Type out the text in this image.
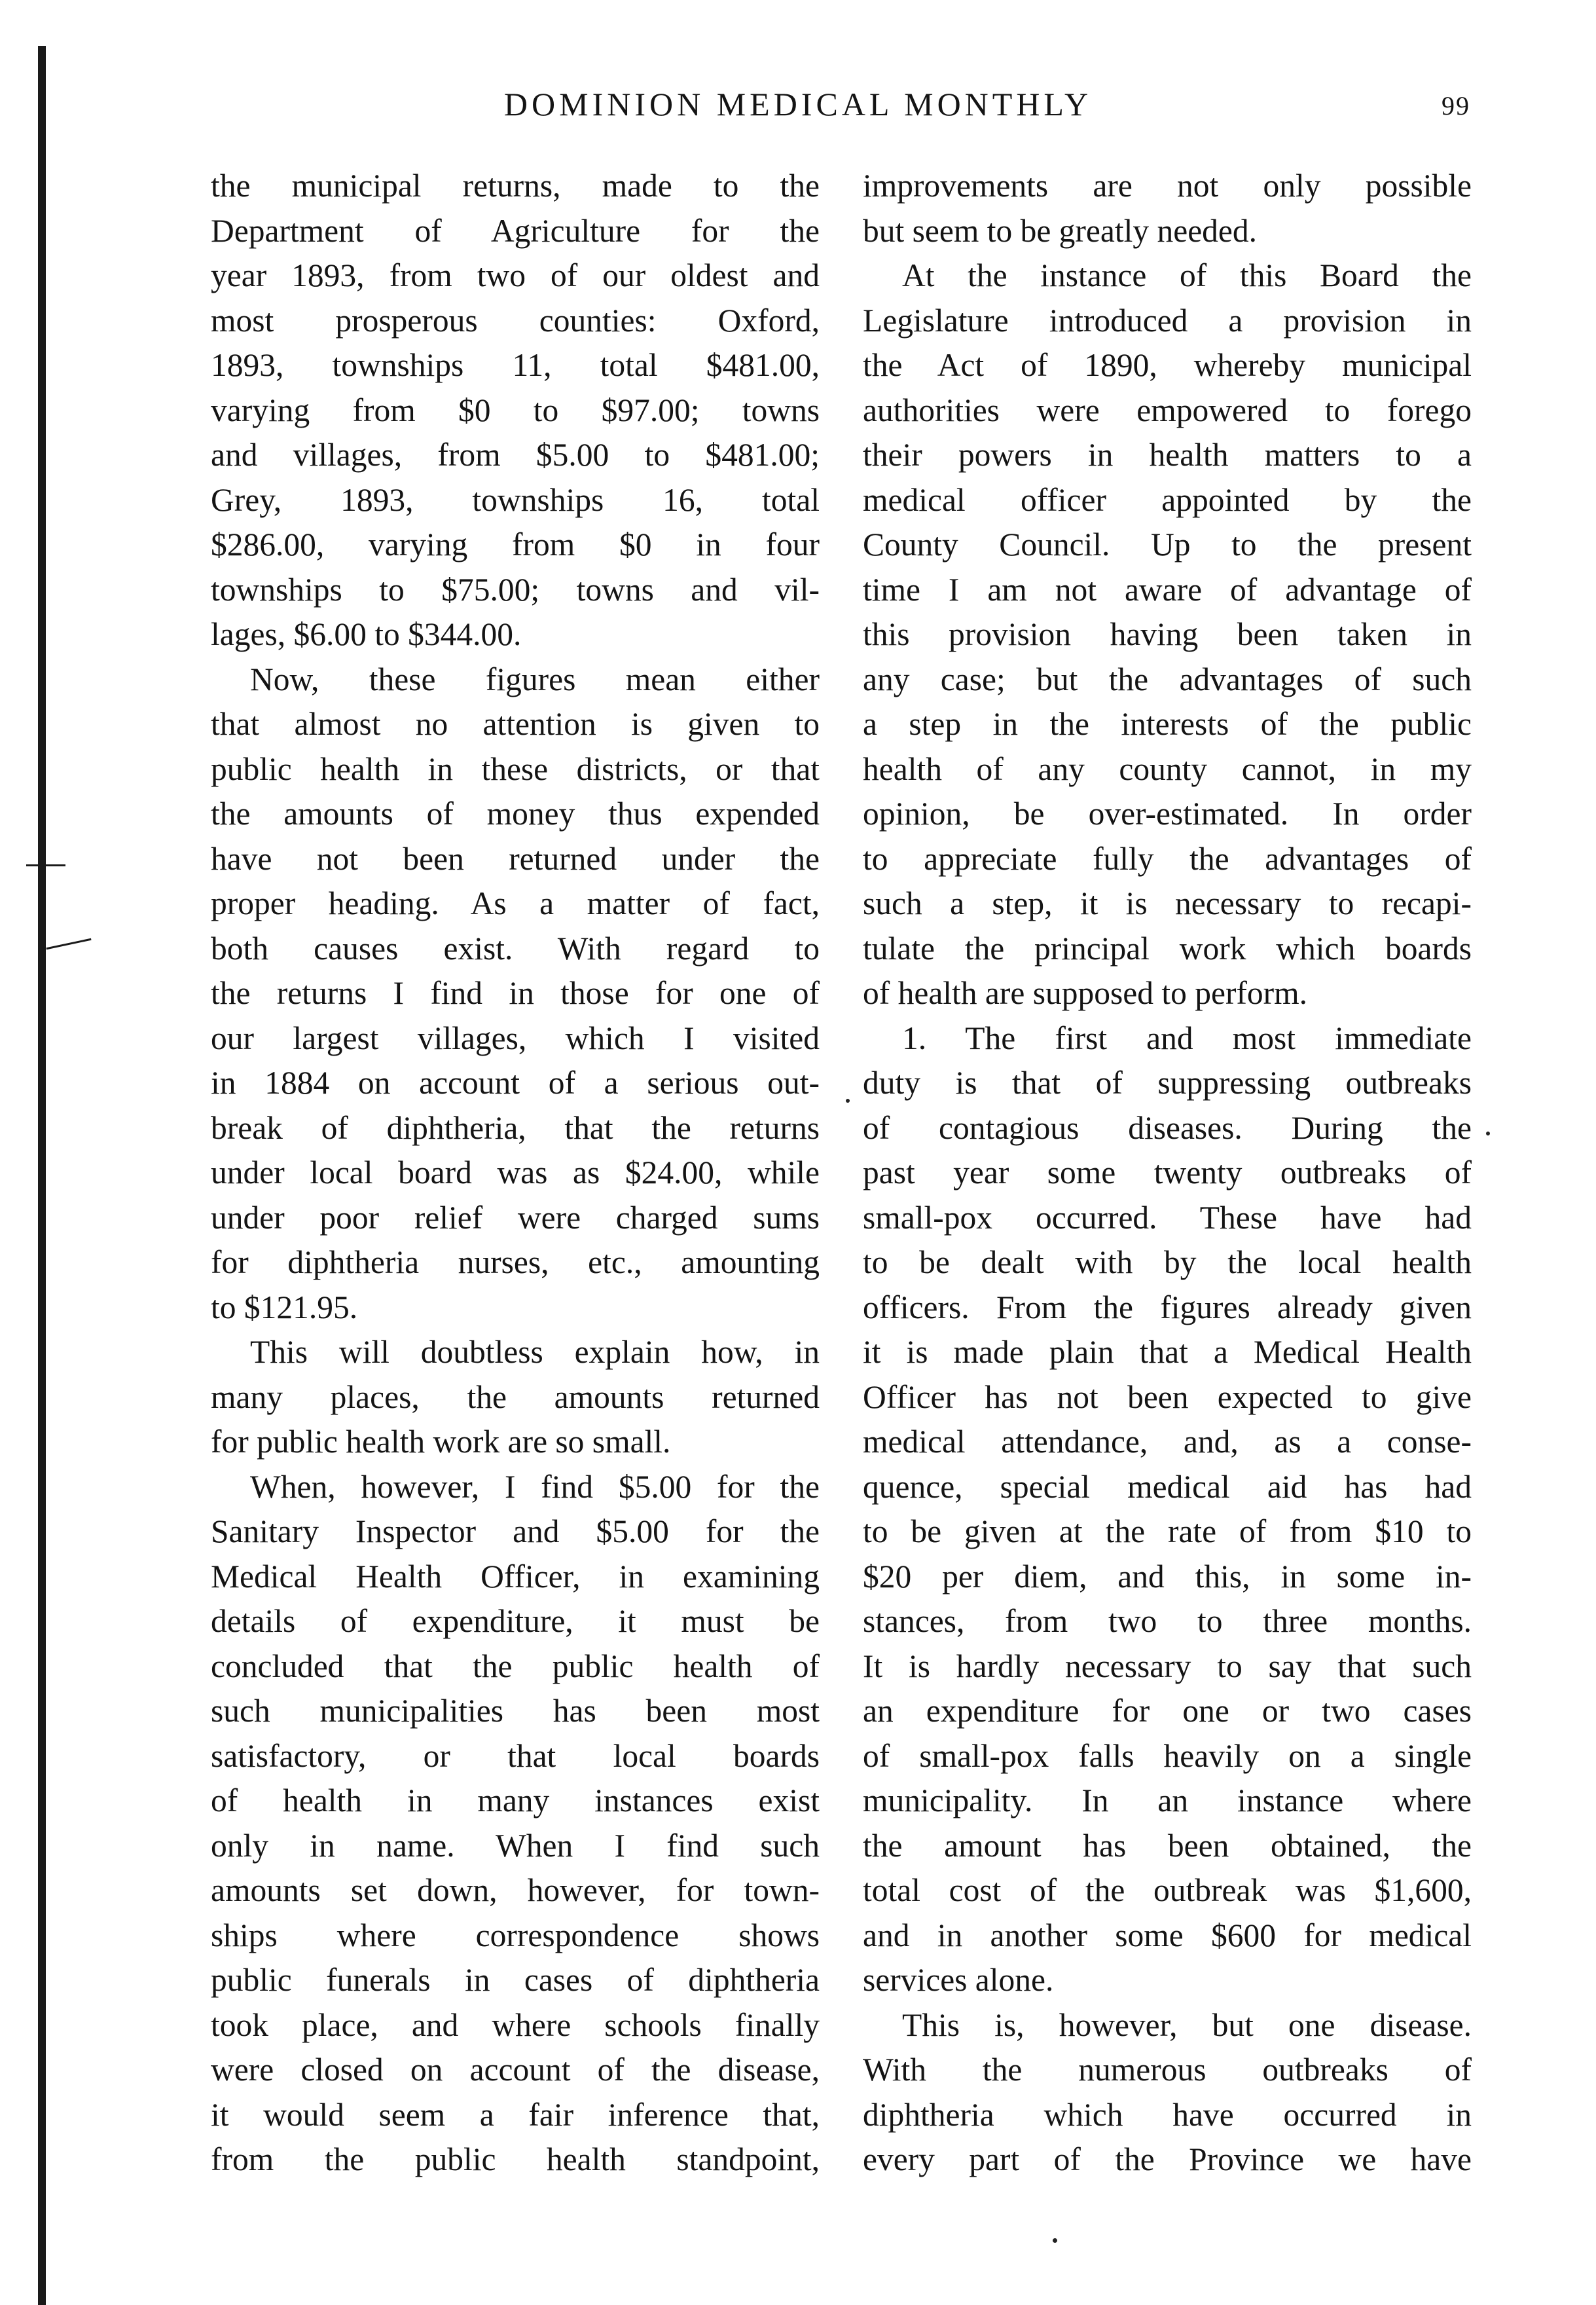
DOMINION MEDICAL MONTHLY	99
the municipal returns, made to the
Department of Agriculture for the
year 1893, from two of our oldest and
most prosperous counties: Oxford,
1893, townships 11, total $481.00,
varying from $0 to $97.00; towns
and villages, from $5.00 to $481.00;
Grey, 1893, townships 16, total
$286.00, varying from $0 in four
townships to $75.00; towns and vil-
lages, $6.00 to $344.00.
Now, these figures mean either
that almost no attention is given to
public health in these districts, or that
the amounts of money thus expended
have not been returned under the
proper heading. As a matter of fact,
both causes exist. With regard to
the returns I find in those for one of
our largest villages, which I visited
in 1884 on account of a serious out-
break of diphtheria, that the returns
under local board was as $24.00, while
under poor relief were charged sums
for diphtheria nurses, etc., amounting
to $121.95.
This will doubtless explain how, in
many places, the amounts returned
for public health work are so small.
When, however, I find $5.00 for the
Sanitary Inspector and $5.00 for the
Medical Health Officer, in examining
details of expenditure, it must be
concluded that the public health of
such municipalities has been most
satisfactory, or that local boards
of health in many instances exist
only in name. When I find such
amounts set down, however, for town-
ships where correspondence shows
public funerals in cases of diphtheria
took place, and where schools finally
were closed on account of the disease,
it would seem a fair inference that,
from the public health standpoint,
improvements are not only possible
but seem to be greatly needed.
At the instance of this Board the
Legislature introduced a provision in
the Act of 1890, whereby municipal
authorities were empowered to forego
their powers in health matters to a
medical officer appointed by the
County Council. Up to the present
time I am not aware of advantage of
this provision having been taken in
any case; but the advantages of such
a step in the interests of the public
health of any county cannot, in my
opinion, be over-estimated. In order
to appreciate fully the advantages of
such a step, it is necessary to recapi-
tulate the principal work which boards
of health are supposed to perform.
1. The first and most immediate
duty is that of suppressing outbreaks
of contagious diseases. During the
past year some twenty outbreaks of
small-pox occurred. These have had
to be dealt with by the local health
officers. From the figures already given
it is made plain that a Medical Health
Officer has not been expected to give
medical attendance, and, as a conse-
quence, special medical aid has had
to be given at the rate of from $10 to
$20 per diem, and this, in some in-
stances, from two to three months.
It is hardly necessary to say that such
an expenditure for one or two cases
of small-pox falls heavily on a single
municipality. In an instance where
the amount has been obtained, the
total cost of the outbreak was $1,600,
and in another some $600 for medical
services alone.
This is, however, but one disease.
With the numerous outbreaks of
diphtheria which have occurred in
every part of the Province we have
